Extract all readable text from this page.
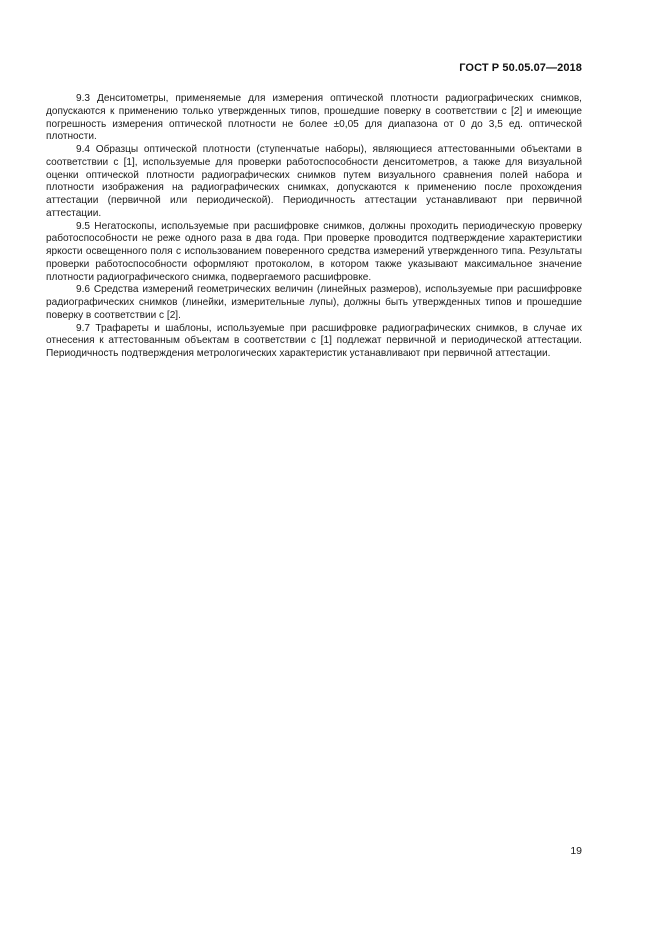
ГОСТ Р 50.05.07—2018

9.3 Денситометры, применяемые для измерения оптической плотности радиографических снимков, допускаются к применению только утвержденных типов, прошедшие поверку в соответствии с [2] и имеющие погрешность измерения оптической плотности не более ±0,05 для диапазона от 0 до 3,5 ед. оптической плотности.

9.4 Образцы оптической плотности (ступенчатые наборы), являющиеся аттестованными объектами в соответствии с [1], используемые для проверки работоспособности денситометров, а также для визуальной оценки оптической плотности радиографических снимков путем визуального сравнения полей набора и плотности изображения на радиографических снимках, допускаются к применению после прохождения аттестации (первичной или периодической). Периодичность аттестации устанавливают при первичной аттестации.

9.5 Негатоскопы, используемые при расшифровке снимков, должны проходить периодическую проверку работоспособности не реже одного раза в два года. При проверке проводится подтверждение характеристики яркости освещенного поля с использованием поверенного средства измерений утвержденного типа. Результаты проверки работоспособности оформляют протоколом, в котором также указывают максимальное значение плотности радиографического снимка, подвергаемого расшифровке.

9.6 Средства измерений геометрических величин (линейных размеров), используемые при расшифровке радиографических снимков (линейки, измерительные лупы), должны быть утвержденных типов и прошедшие поверку в соответствии с [2].

9.7 Трафареты и шаблоны, используемые при расшифровке радиографических снимков, в случае их отнесения к аттестованным объектам в соответствии с [1] подлежат первичной и периодической аттестации. Периодичность подтверждения метрологических характеристик устанавливают при первичной аттестации.

19
